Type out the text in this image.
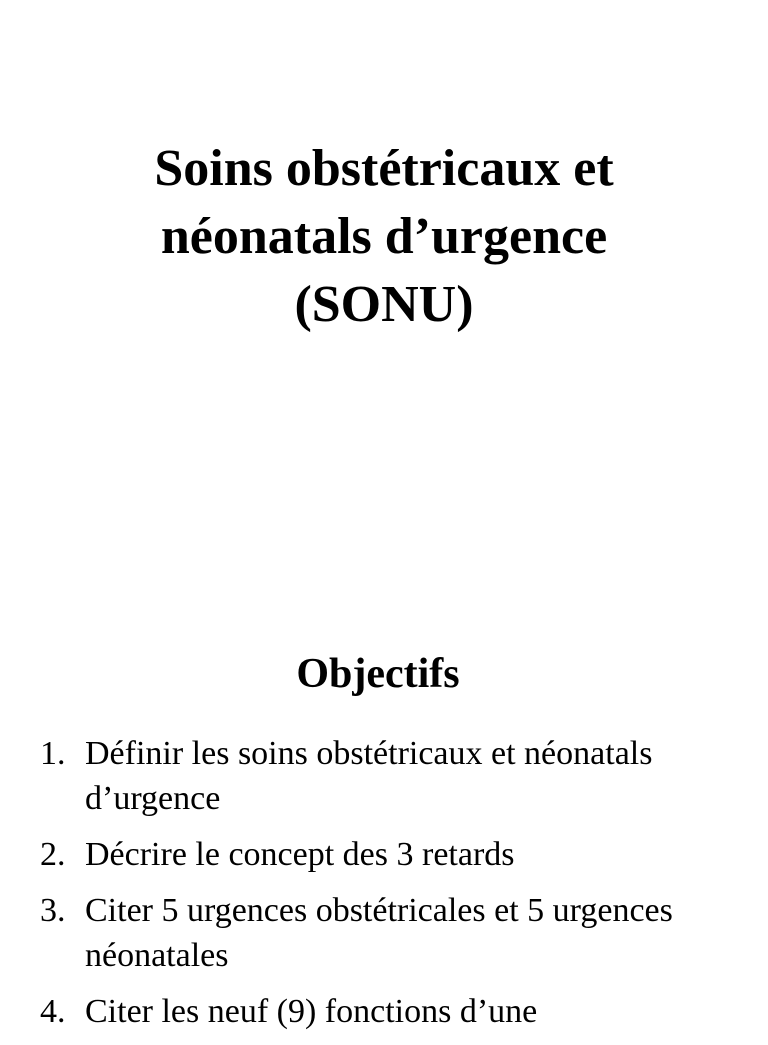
Soins obstétricaux et
néonatals d’urgence
(SONU)
Objectifs
1. Définir les soins obstétricaux et néonatals d’urgence
2. Décrire le concept des 3 retards
3. Citer 5 urgences obstétricales et 5 urgences néonatales
4. Citer les neuf (9) fonctions d’une
